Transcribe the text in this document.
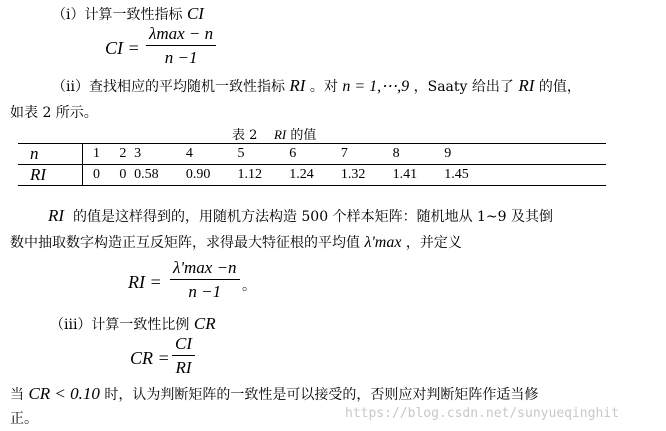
（i）计算一致性指标 CI
CI =
λmax − n
n −1
（ii）查找相应的平均随机一致性指标 RI 。对 n = 1,⋯,9 ，Saaty 给出了 RI 的值，
如表 2 所示。
表 2 RI 的值
n	1	2	3	4	5	6	7	8	9	
RI	0	0	0.58	0.90	1.12	1.24	1.32	1.41	1.45	
RI 的值是这样得到的，用随机方法构造 500 个样本矩阵：随机地从 1~9 及其倒
数中抽取数字构造正互反矩阵，求得最大特征根的平均值 λ'max ，并定义
RI =
λ'max −n
n −1 。
（iii）计算一致性比例 CR
CR =
CI
RI
当 CR < 0.10 时，认为判断矩阵的一致性是可以接受的，否则应对判断矩阵作适当修
正。	https://blog.csdn.net/sunyueqinghit
